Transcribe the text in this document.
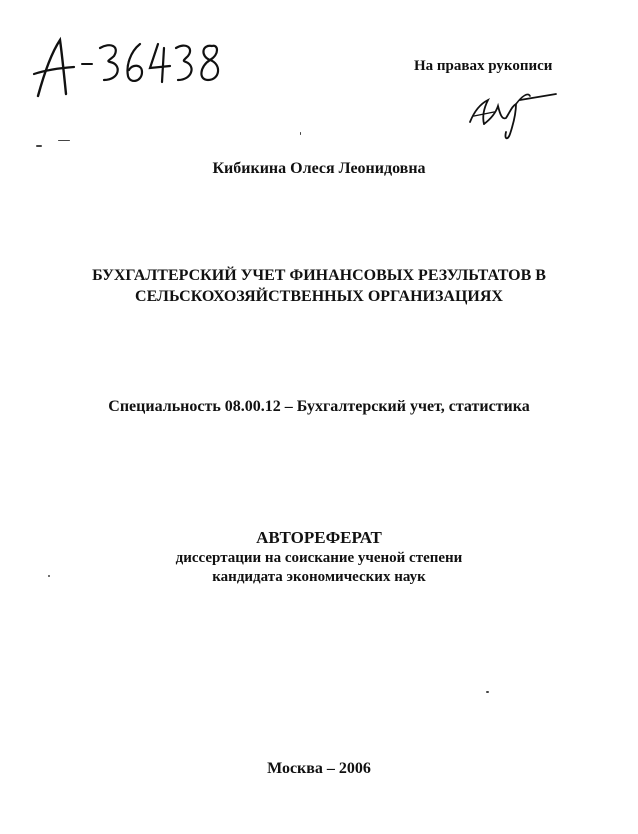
На правах рукописи
Кибикина Олеся Леонидовна
БУХГАЛТЕРСКИЙ УЧЕТ ФИНАНСОВЫХ РЕЗУЛЬТАТОВ В
СЕЛЬСКОХОЗЯЙСТВЕННЫХ ОРГАНИЗАЦИЯХ
Специальность 08.00.12 – Бухгалтерский учет, статистика
АВТОРЕФЕРАТ
диссертации на соискание ученой степени
кандидата экономических наук
Москва – 2006
